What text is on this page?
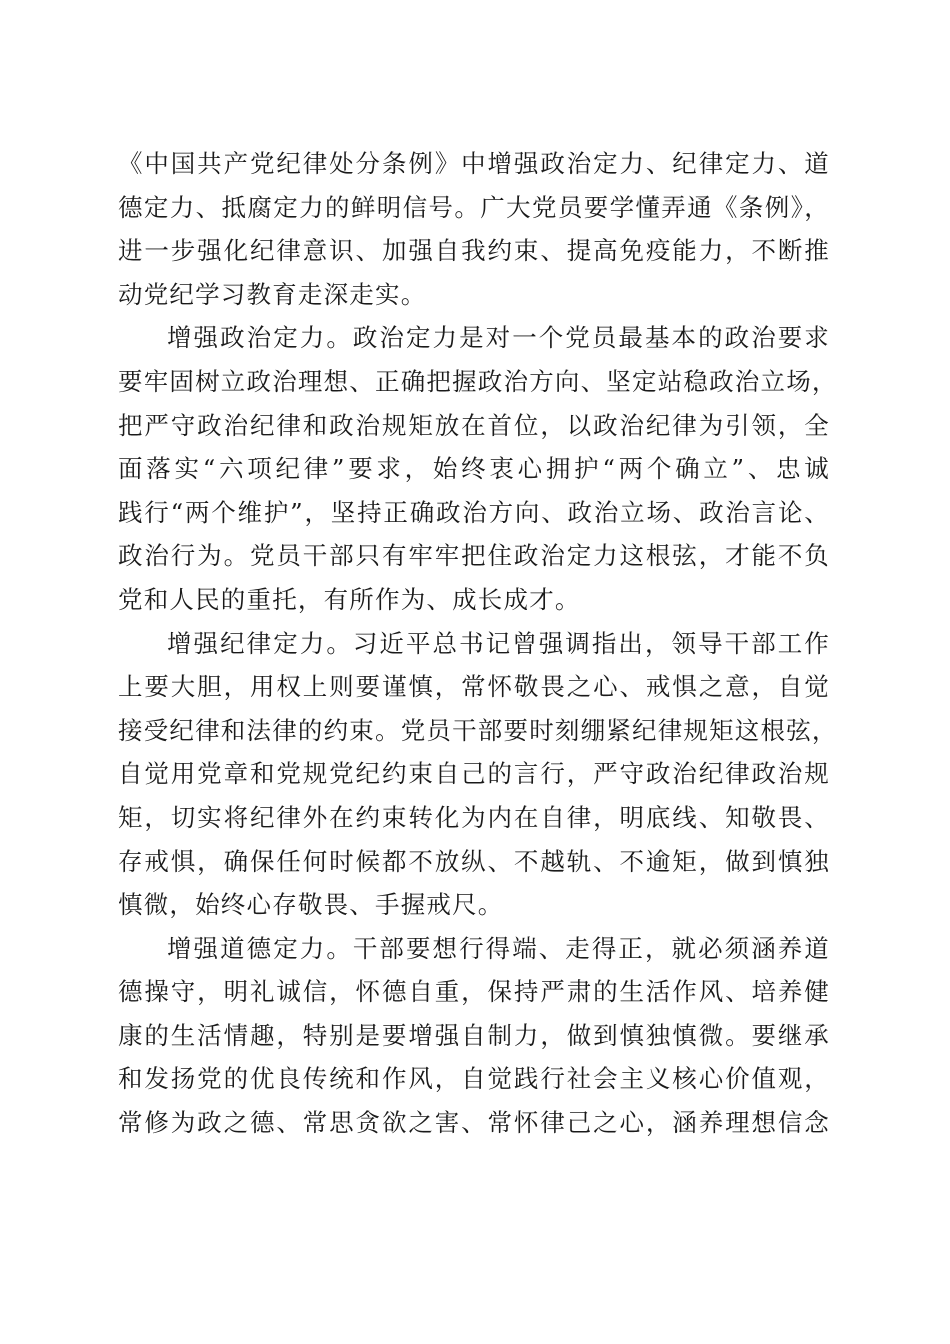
《中国共产党纪律处分条例》中增强政治定力、纪律定力、道
德定力、抵腐定力的鲜明信号。广大党员要学懂弄通《条例》，
进一步强化纪律意识、加强自我约束、提高免疫能力，不断推
动党纪学习教育走深走实。
增强政治定力。政治定力是对一个党员最基本的政治要求
要牢固树立政治理想、正确把握政治方向、坚定站稳政治立场，
把严守政治纪律和政治规矩放在首位，以政治纪律为引领，全
面落实“六项纪律”要求，始终衷心拥护“两个确立”、忠诚
践行“两个维护”，坚持正确政治方向、政治立场、政治言论、
政治行为。党员干部只有牢牢把住政治定力这根弦，才能不负
党和人民的重托，有所作为、成长成才。
增强纪律定力。习近平总书记曾强调指出，领导干部工作
上要大胆，用权上则要谨慎，常怀敬畏之心、戒惧之意，自觉
接受纪律和法律的约束。党员干部要时刻绷紧纪律规矩这根弦，
自觉用党章和党规党纪约束自己的言行，严守政治纪律政治规
矩，切实将纪律外在约束转化为内在自律，明底线、知敬畏、
存戒惧，确保任何时候都不放纵、不越轨、不逾矩，做到慎独
慎微，始终心存敬畏、手握戒尺。
增强道德定力。干部要想行得端、走得正，就必须涵养道
德操守，明礼诚信，怀德自重，保持严肃的生活作风、培养健
康的生活情趣，特别是要增强自制力，做到慎独慎微。要继承
和发扬党的优良传统和作风，自觉践行社会主义核心价值观，
常修为政之德、常思贪欲之害、常怀律己之心，涵养理想信念
